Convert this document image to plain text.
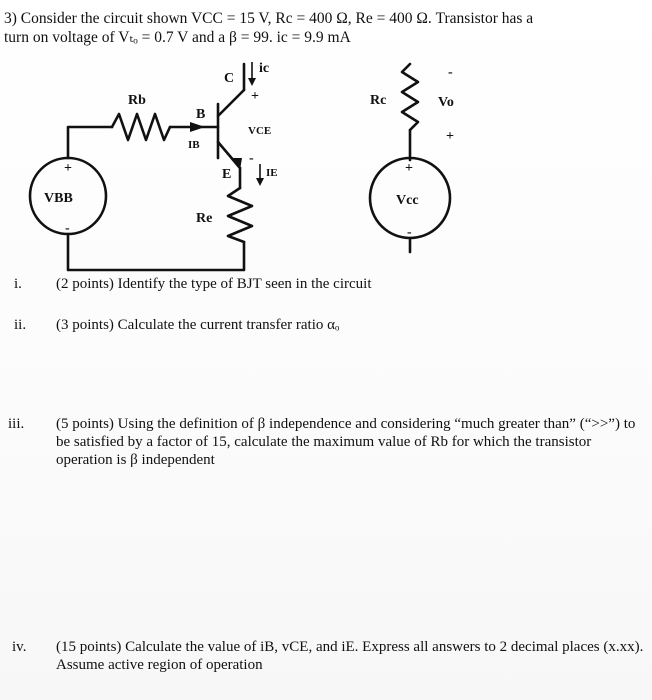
3) Consider the circuit shown VCC = 15 V, Rc = 400 Ω, Re = 400 Ω. Transistor has a
turn on voltage of Vₜₒ = 0.7 V and a β = 99. ic = 9.9 mA
Rb
B
C
E
ic
IB
IE
VCE
Rc
Re
Vo
VBB	Vcc
+
-
+
-
+
-
+
-
i. (2 points) Identify the type of BJT seen in the circuit
ii. (3 points) Calculate the current transfer ratio αₒ
iii. (5 points) Using the definition of β independence and considering “much greater than” (“>>”) to be satisfied by a factor of 15, calculate the maximum value of Rb for which the transistor operation is β independent
iv. (15 points) Calculate the value of iB, vCE, and iE. Express all answers to 2 decimal places (x.xx). Assume active region of operation
